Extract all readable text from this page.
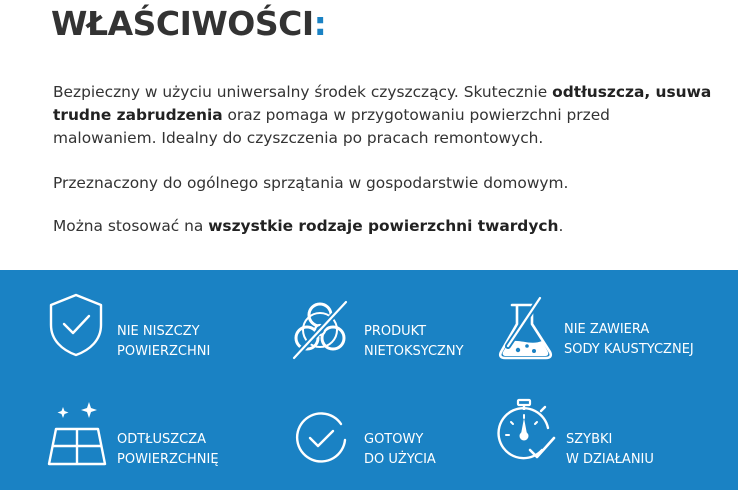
WŁAŚCIWOŚCI:
Bezpieczny w użyciu uniwersalny środek czyszczący. Skutecznie odtłuszcza, usuwa trudne zabrudzenia oraz pomaga w przygotowaniu powierzchni przed malowaniem. Idealny do czyszczenia po pracach remontowych.
Przeznaczony do ogólnego sprzątania w gospodarstwie domowym.
Można stosować na wszystkie rodzaje powierzchni twardych.
NIE NISZCZY
POWIERZCHNI
PRODUKT
NIETOKSYCZNY
NIE ZAWIERA
SODY KAUSTYCZNEJ
ODTŁUSZCZA
POWIERZCHNIĘ
GOTOWY
DO UŻYCIA
SZYBKI
W DZIAŁANIU
